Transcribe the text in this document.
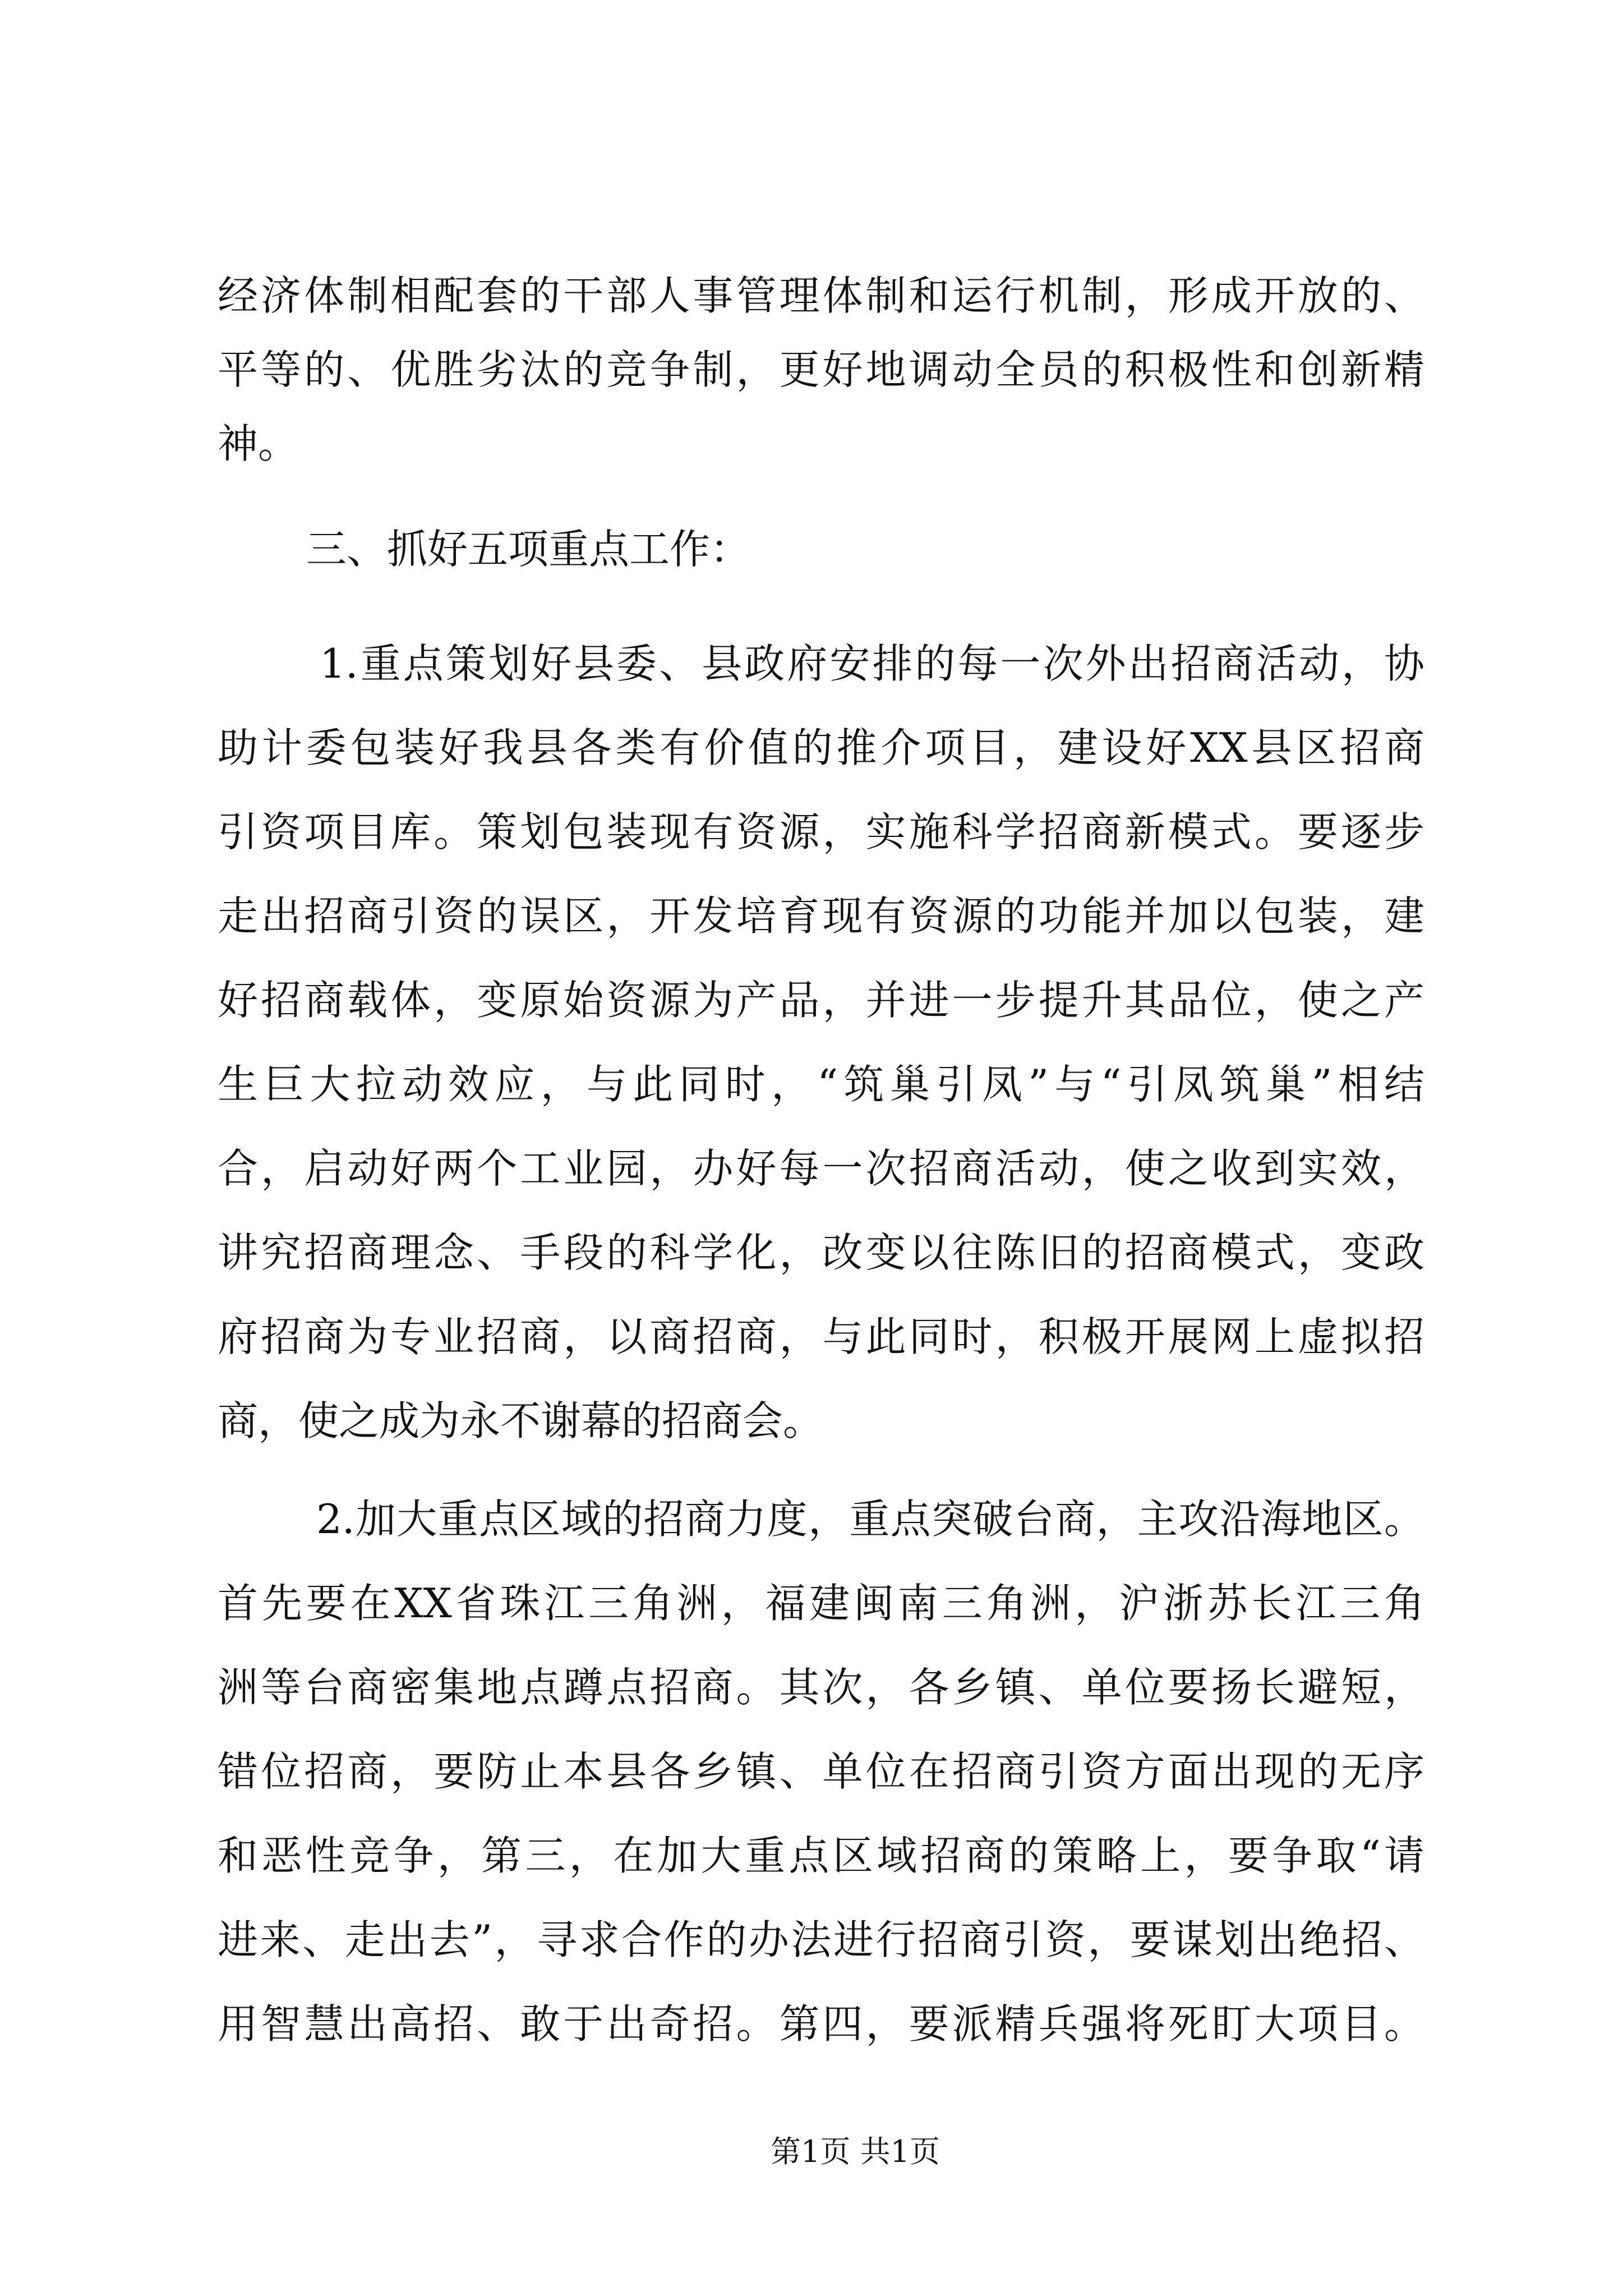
经济体制相配套的干部人事管理体制和运行机制，形成开放的、
平等的、优胜劣汰的竞争制，更好地调动全员的积极性和创新精
神。
三、抓好五项重点工作：
1.重点策划好县委、县政府安排的每一次外出招商活动，协
助计委包装好我县各类有价值的推介项目，建设好XX县区招商
引资项目库。策划包装现有资源，实施科学招商新模式。要逐步
走出招商引资的误区，开发培育现有资源的功能并加以包装，建
好招商载体，变原始资源为产品，并进一步提升其品位，使之产
生巨大拉动效应，与此同时，“筑巢引凤”与“引凤筑巢”相结
合，启动好两个工业园，办好每一次招商活动，使之收到实效，
讲究招商理念、手段的科学化，改变以往陈旧的招商模式，变政
府招商为专业招商，以商招商，与此同时，积极开展网上虚拟招
商，使之成为永不谢幕的招商会。
2.加大重点区域的招商力度，重点突破台商，主攻沿海地区。
首先要在XX省珠江三角洲，福建闽南三角洲，沪浙苏长江三角
洲等台商密集地点蹲点招商。其次，各乡镇、单位要扬长避短，
错位招商，要防止本县各乡镇、单位在招商引资方面出现的无序
和恶性竞争，第三，在加大重点区域招商的策略上，要争取“请
进来、走出去”，寻求合作的办法进行招商引资，要谋划出绝招、
用智慧出高招、敢于出奇招。第四，要派精兵强将死盯大项目。
第1页 共1页
